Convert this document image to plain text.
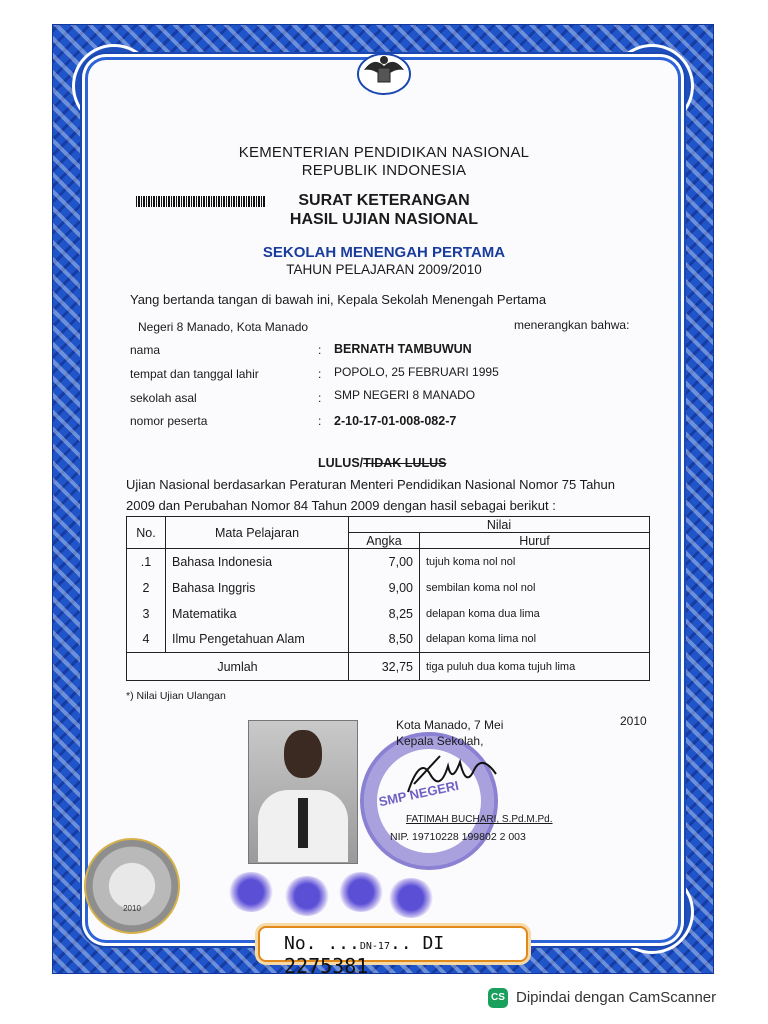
KEMENTERIAN PENDIDIKAN NASIONAL
REPUBLIK INDONESIA
SURAT KETERANGAN
HASIL UJIAN NASIONAL
SEKOLAH MENENGAH PERTAMA
TAHUN PELAJARAN 2009/2010
Yang bertanda tangan di bawah ini, Kepala Sekolah Menengah Pertama
Negeri 8 Manado, Kota Manado	menerangkan bahwa:
nama	: BERNATH TAMBUWUN
tempat dan tanggal lahir	: POPOLO, 25 FEBRUARI 1995
sekolah asal	: SMP NEGERI 8 MANADO
nomor peserta	: 2-10-17-01-008-082-7
LULUS/TIDAK LULUS
Ujian Nasional berdasarkan Peraturan Menteri Pendidikan Nasional Nomor 75 Tahun
2009 dan Perubahan Nomor 84 Tahun 2009 dengan hasil sebagai berikut :
No.	Mata Pelajaran	Nilai	
		Angka	Huruf
.1	Bahasa Indonesia	7,00	tujuh koma nol nol
2	Bahasa Inggris	9,00	sembilan koma nol nol
3	Matematika	8,25	delapan koma dua lima
4	Ilmu Pengetahuan Alam	8,50	delapan koma lima nol
Jumlah		32,75	tiga puluh dua koma tujuh lima
*) Nilai Ujian Ulangan
SMP NEGERI
Kota Manado, 7 Mei	2010
Kepala Sekolah,
FATIMAH BUCHARI, S.Pd.M.Pd.
NIP. 19710228 199802 2 003
2010
No. ...DN-17.. DI 2275381
CS Dipindai dengan CamScanner
